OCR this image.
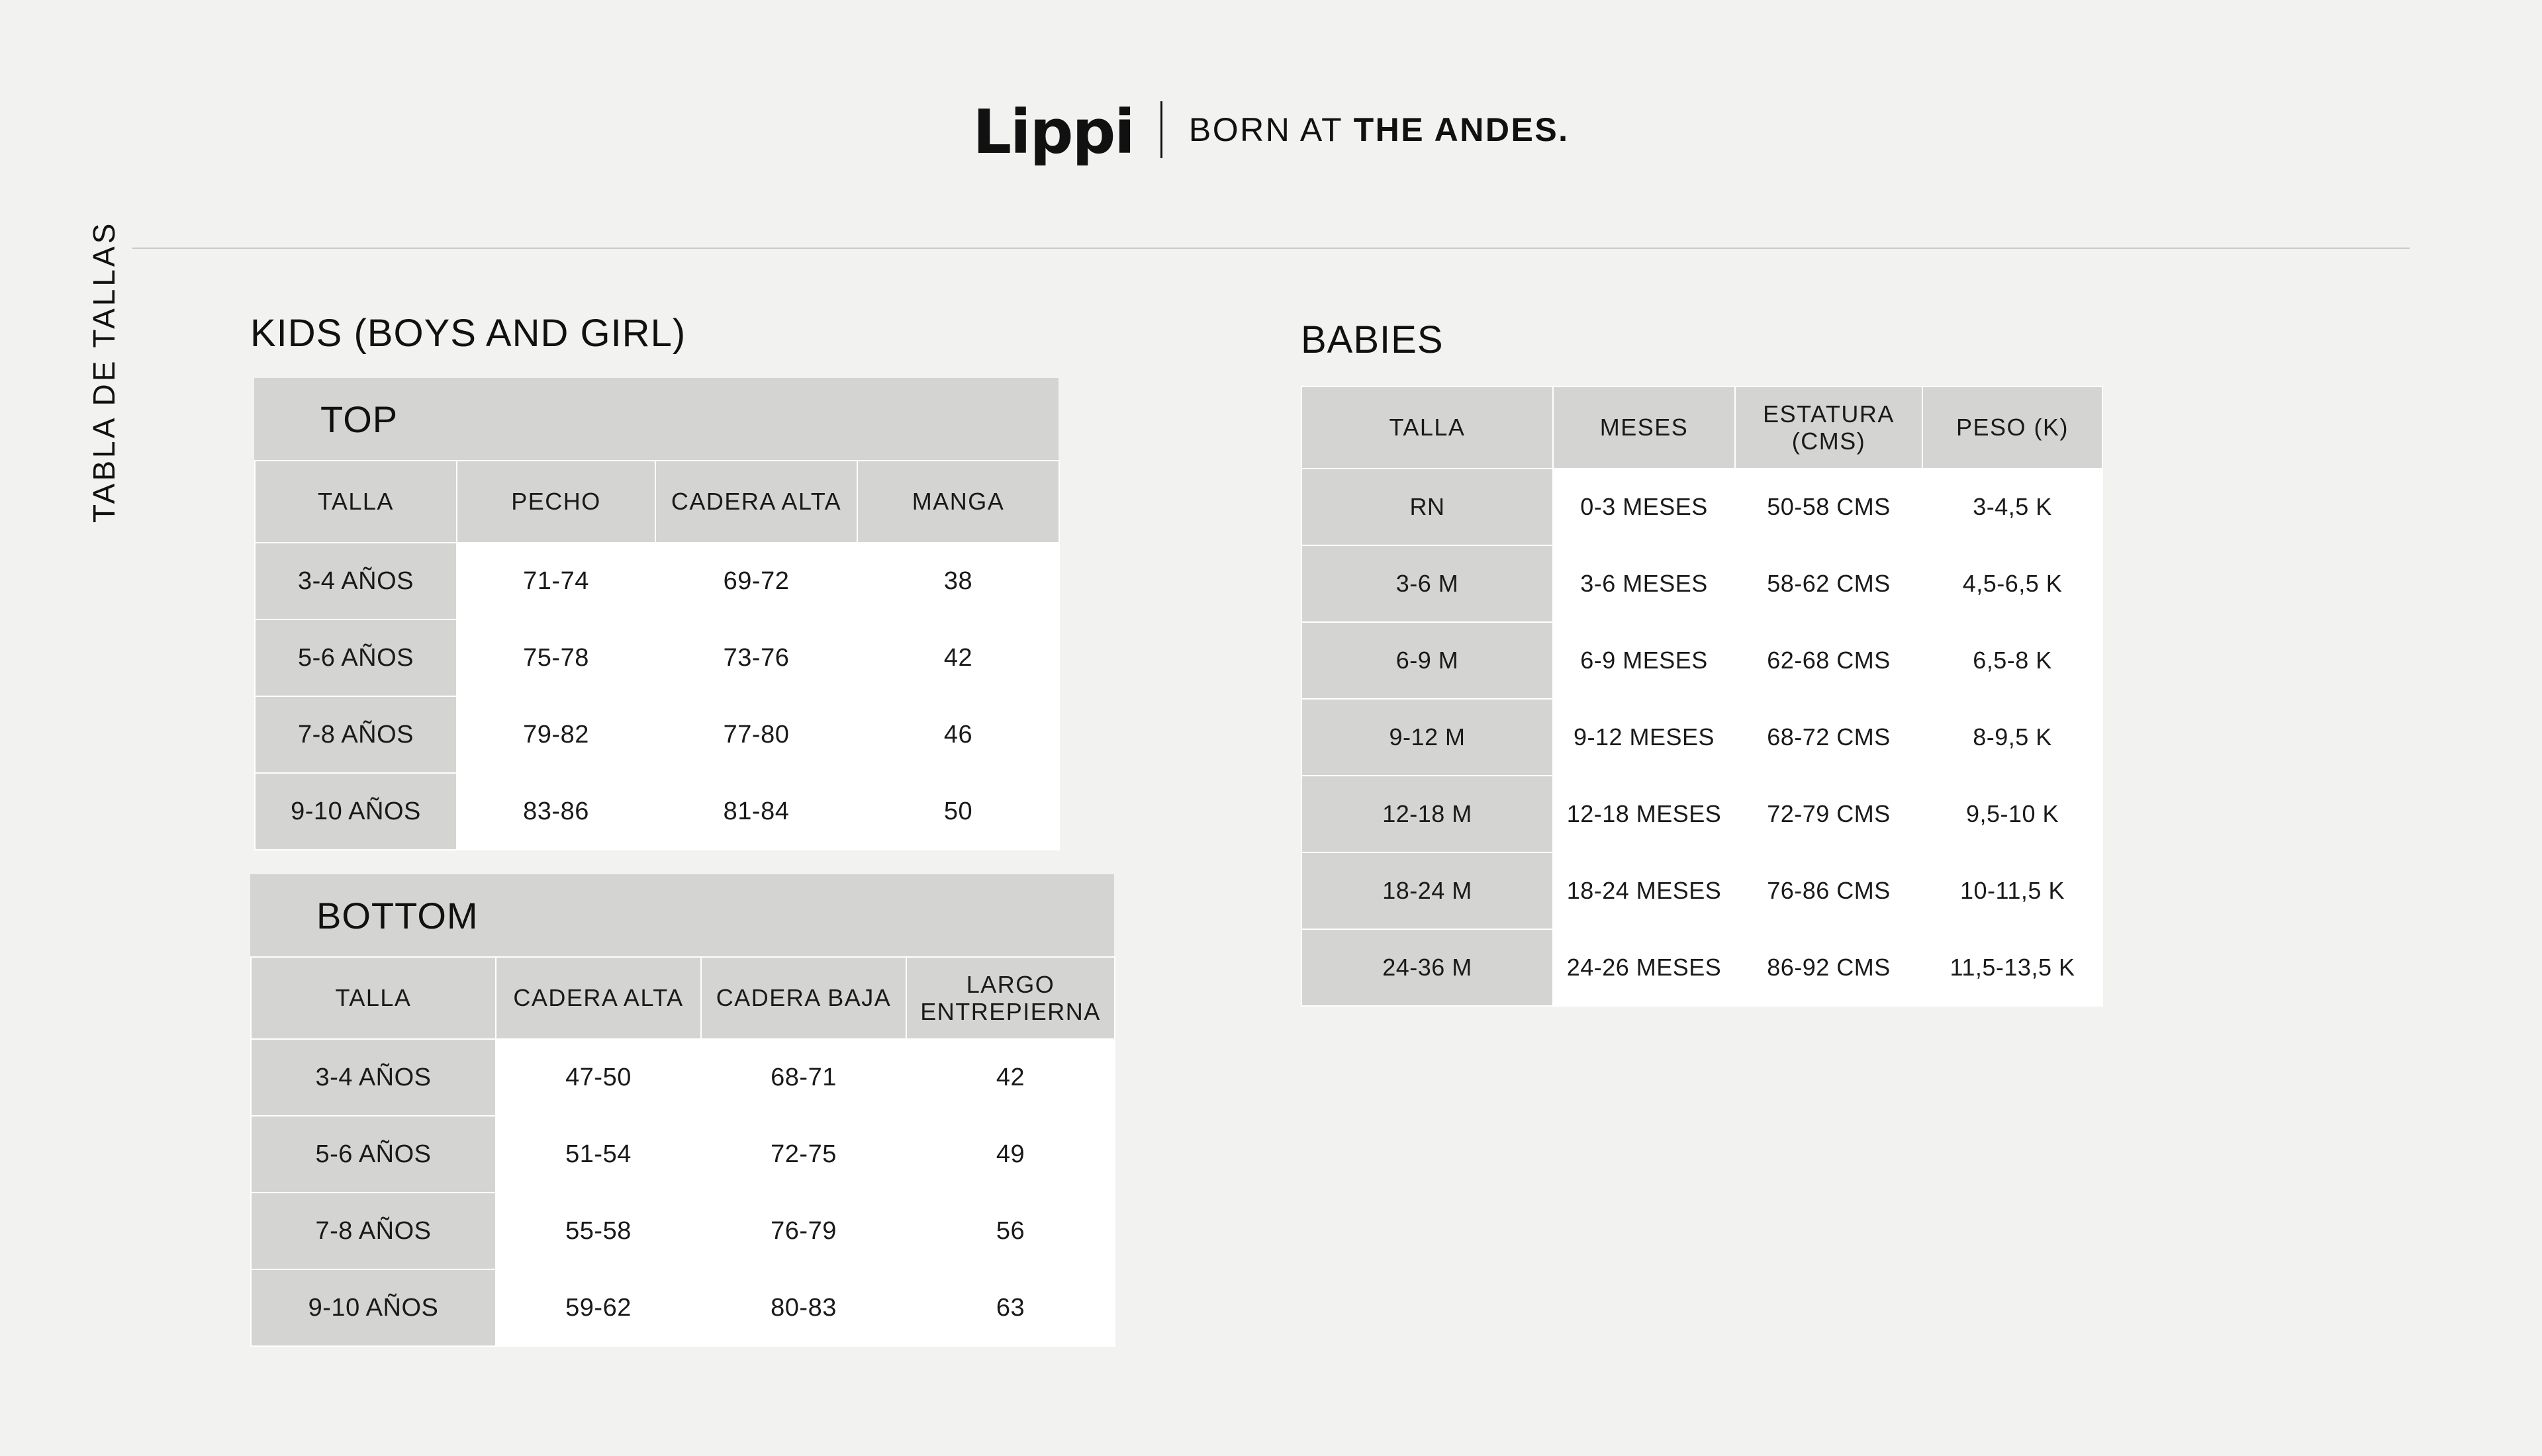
Lippi BORN AT THE ANDES.
TABLA DE TALLAS	KIDS (BOYS AND GIRL)
TOP
TALLA	PECHO	CADERA ALTA	MANGA
3-4 AÑOS	71-74	69-72	38
5-6 AÑOS	75-78	73-76	42
7-8 AÑOS	79-82	77-80	46
9-10 AÑOS	83-86	81-84	50
BOTTOM
TALLA	CADERA ALTA	CADERA BAJA	LARGO ENTREPIERNA
3-4 AÑOS	47-50	68-71	42
5-6 AÑOS	51-54	72-75	49
7-8 AÑOS	55-58	76-79	56
9-10 AÑOS	59-62	80-83	63
BABIES
TALLA	MESES	ESTATURA (CMS)	PESO (K)
RN	0-3 MESES	50-58 CMS	3-4,5 K
3-6 M	3-6 MESES	58-62 CMS	4,5-6,5 K
6-9 M	6-9 MESES	62-68 CMS	6,5-8 K
9-12 M	9-12 MESES	68-72 CMS	8-9,5 K
12-18 M	12-18 MESES	72-79 CMS	9,5-10 K
18-24 M	18-24 MESES	76-86 CMS	10-11,5 K
24-36 M	24-26 MESES	86-92 CMS	11,5-13,5 K
